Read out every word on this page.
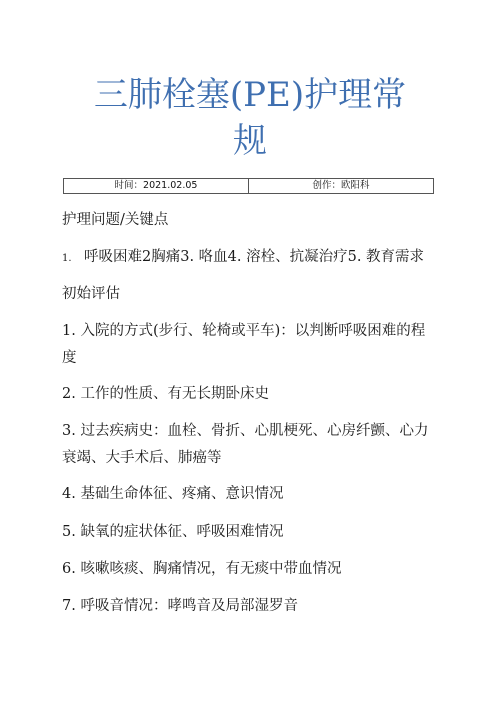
三肺栓塞(PE)护理常
规
时间：2021.02.05	创作：欧阳科
护理问题/关键点
1. 呼吸困难2胸痛3. 咯血4. 溶栓、抗凝治疗5. 教育需求
初始评估
1. 入院的方式(步行、轮椅或平车)：以判断呼吸困难的程度
2. 工作的性质、有无长期卧床史
3. 过去疾病史：血栓、骨折、心肌梗死、心房纤颤、心力衰竭、大手术后、肺癌等
4. 基础生命体征、疼痛、意识情况
5. 缺氧的症状体征、呼吸困难情况
6. 咳嗽咳痰、胸痛情况，有无痰中带血情况
7. 呼吸音情况：哮鸣音及局部湿罗音
